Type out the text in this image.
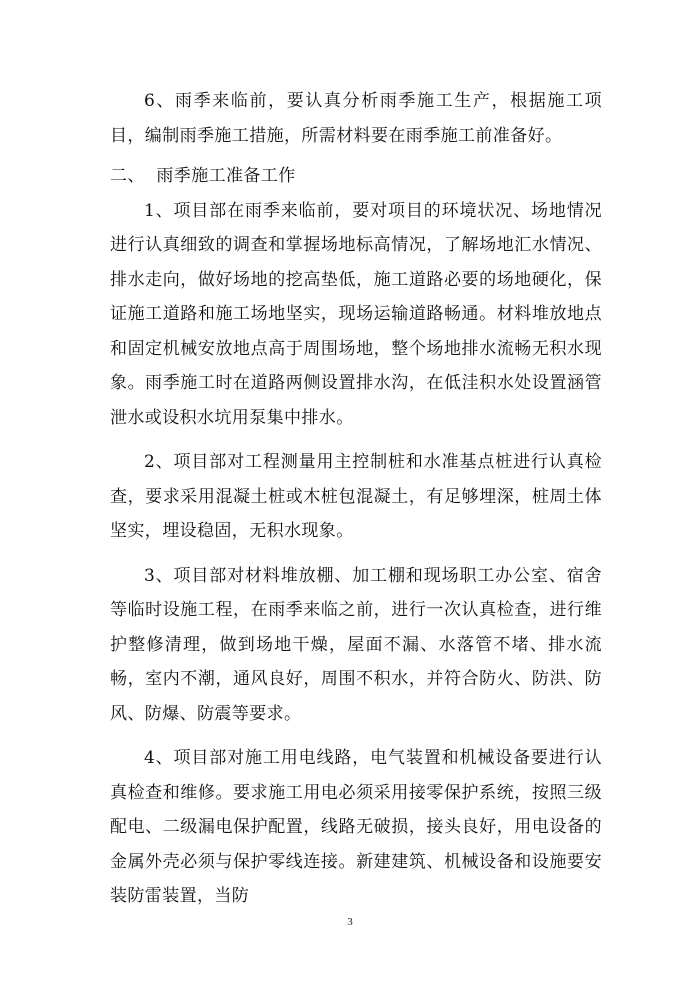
6、雨季来临前，要认真分析雨季施工生产，根据施工项目，编制雨季施工措施，所需材料要在雨季施工前准备好。

二、  雨季施工准备工作

1、项目部在雨季来临前，要对项目的环境状况、场地情况进行认真细致的调查和掌握场地标高情况，了解场地汇水情况、排水走向，做好场地的挖高垫低，施工道路必要的场地硬化，保证施工道路和施工场地坚实，现场运输道路畅通。材料堆放地点和固定机械安放地点高于周围场地，整个场地排水流畅无积水现象。雨季施工时在道路两侧设置排水沟，在低洼积水处设置涵管泄水或设积水坑用泵集中排水。

2、项目部对工程测量用主控制桩和水准基点桩进行认真检查，要求采用混凝土桩或木桩包混凝土，有足够埋深，桩周土体坚实，埋设稳固，无积水现象。

3、项目部对材料堆放棚、加工棚和现场职工办公室、宿舍等临时设施工程，在雨季来临之前，进行一次认真检查，进行维护整修清理，做到场地干燥，屋面不漏、水落管不堵、排水流畅，室内不潮，通风良好，周围不积水，并符合防火、防洪、防风、防爆、防震等要求。

4、项目部对施工用电线路，电气装置和机械设备要进行认真检查和维修。要求施工用电必须采用接零保护系统，按照三级配电、二级漏电保护配置，线路无破损，接头良好，用电设备的金属外壳必须与保护零线连接。新建建筑、机械设备和设施要安装防雷装置，当防

3
